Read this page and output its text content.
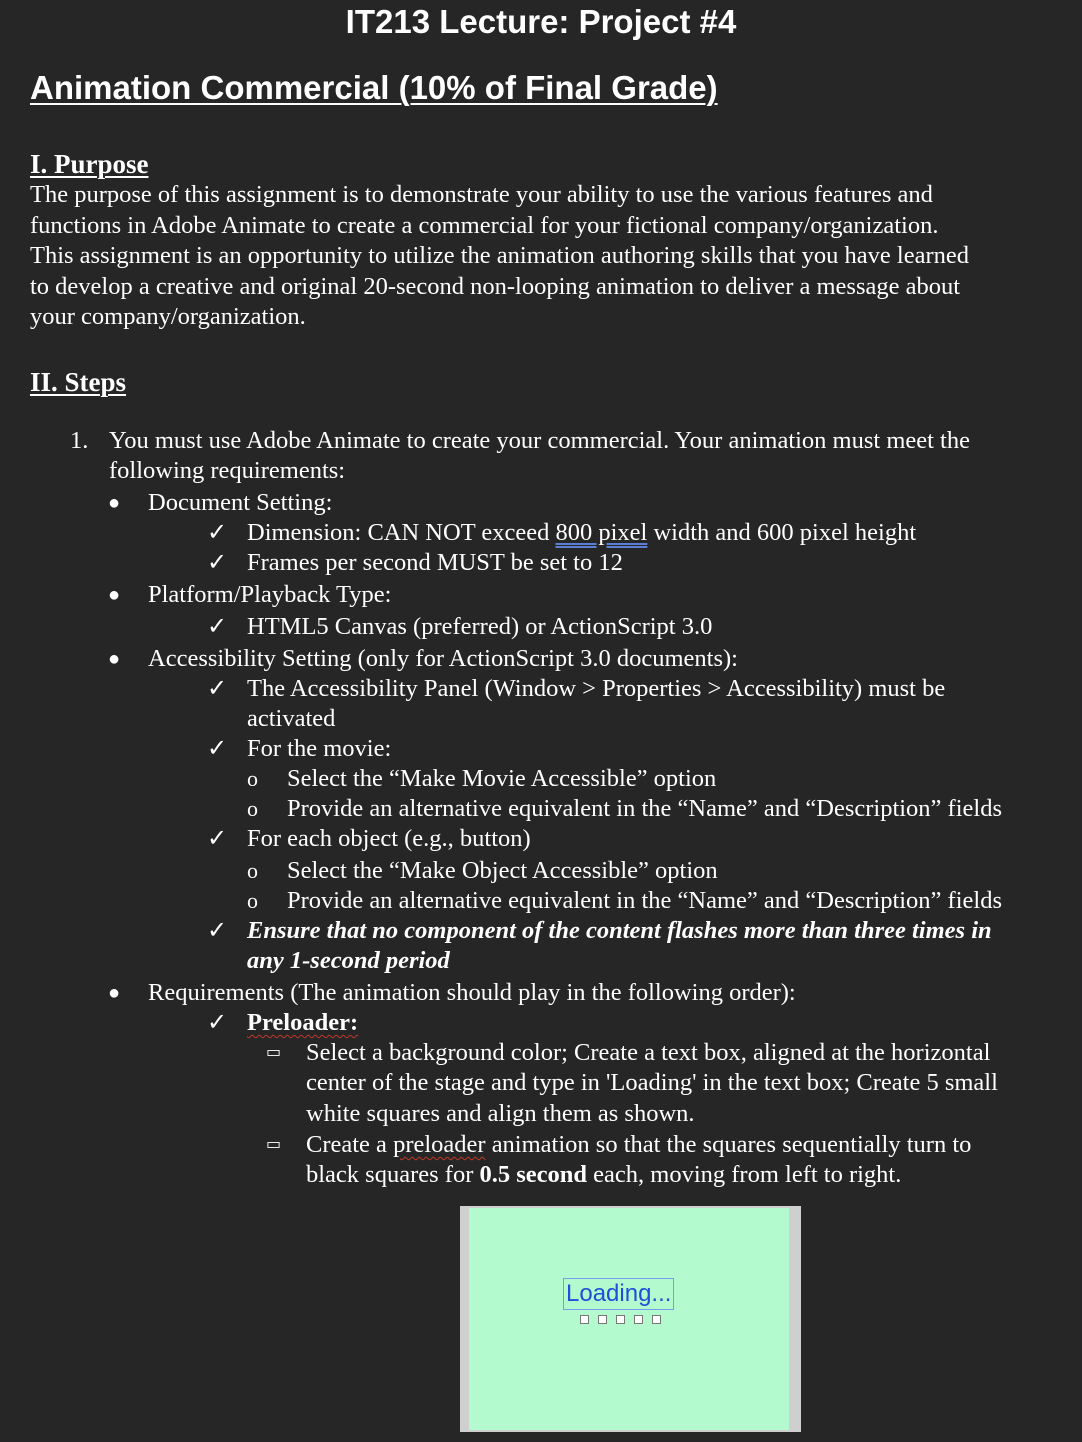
IT213 Lecture: Project #4
Animation Commercial (10% of Final Grade)
I. Purpose
The purpose of this assignment is to demonstrate your ability to use the various features and
functions in Adobe Animate to create a commercial for your fictional company/organization.
This assignment is an opportunity to utilize the animation authoring skills that you have learned
to develop a creative and original 20-second non-looping animation to deliver a message about
your company/organization.
II. Steps
1. You must use Adobe Animate to create your commercial. Your animation must meet the
following requirements:
● Document Setting:
✓ Dimension: CAN NOT exceed 800 pixel width and 600 pixel height
✓ Frames per second MUST be set to 12
● Platform/Playback Type:
✓ HTML5 Canvas (preferred) or ActionScript 3.0
● Accessibility Setting (only for ActionScript 3.0 documents):
✓ The Accessibility Panel (Window > Properties > Accessibility) must be
activated
✓ For the movie:
o Select the “Make Movie Accessible” option
o Provide an alternative equivalent in the “Name” and “Description” fields
✓ For each object (e.g., button)
o Select the “Make Object Accessible” option
o Provide an alternative equivalent in the “Name” and “Description” fields
✓ Ensure that no component of the content flashes more than three times in
any 1-second period
● Requirements (The animation should play in the following order):
✓ Preloader:
▭ Select a background color; Create a text box, aligned at the horizontal
center of the stage and type in 'Loading' in the text box; Create 5 small
white squares and align them as shown.
▭ Create a preloader animation so that the squares sequentially turn to
black squares for 0.5 second each, moving from left to right.
Loading...
